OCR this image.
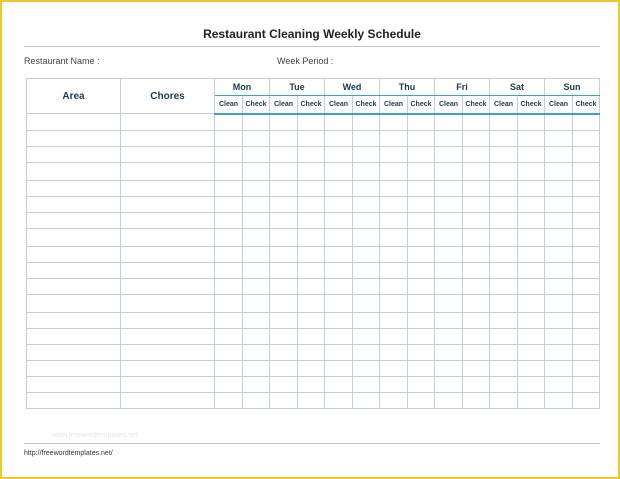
Restaurant Cleaning Weekly Schedule
Restaurant Name :	Week Period :
Area	Chores	Mon		Tue		Wed		Thu		Fri		Sat		Sun	
		Clean	Check	Clean	Check	Clean	Check	Clean	Check	Clean	Check	Clean	Check	Clean	Check

www.freewordtemplates.net
http://freewordtemplates.net/
